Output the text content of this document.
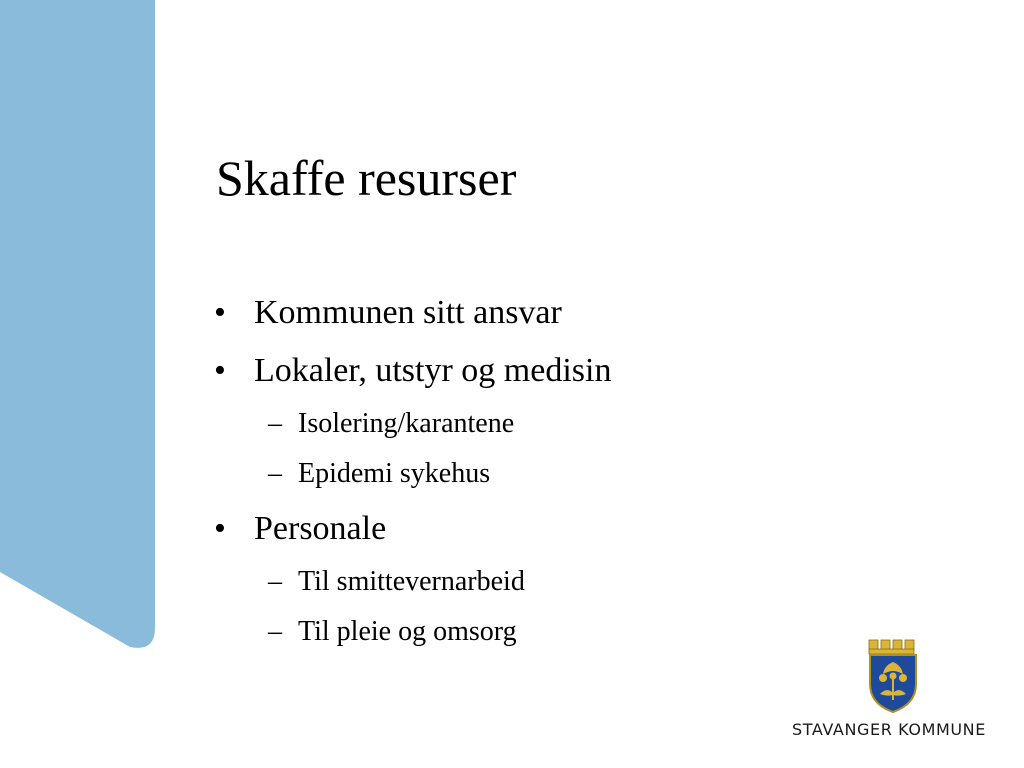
Skaffe resurser
• Kommunen sitt ansvar
• Lokaler, utstyr og medisin
– Isolering/karantene
– Epidemi sykehus
• Personale
– Til smittevernarbeid
– Til pleie og omsorg
STAVANGER KOMMUNE
